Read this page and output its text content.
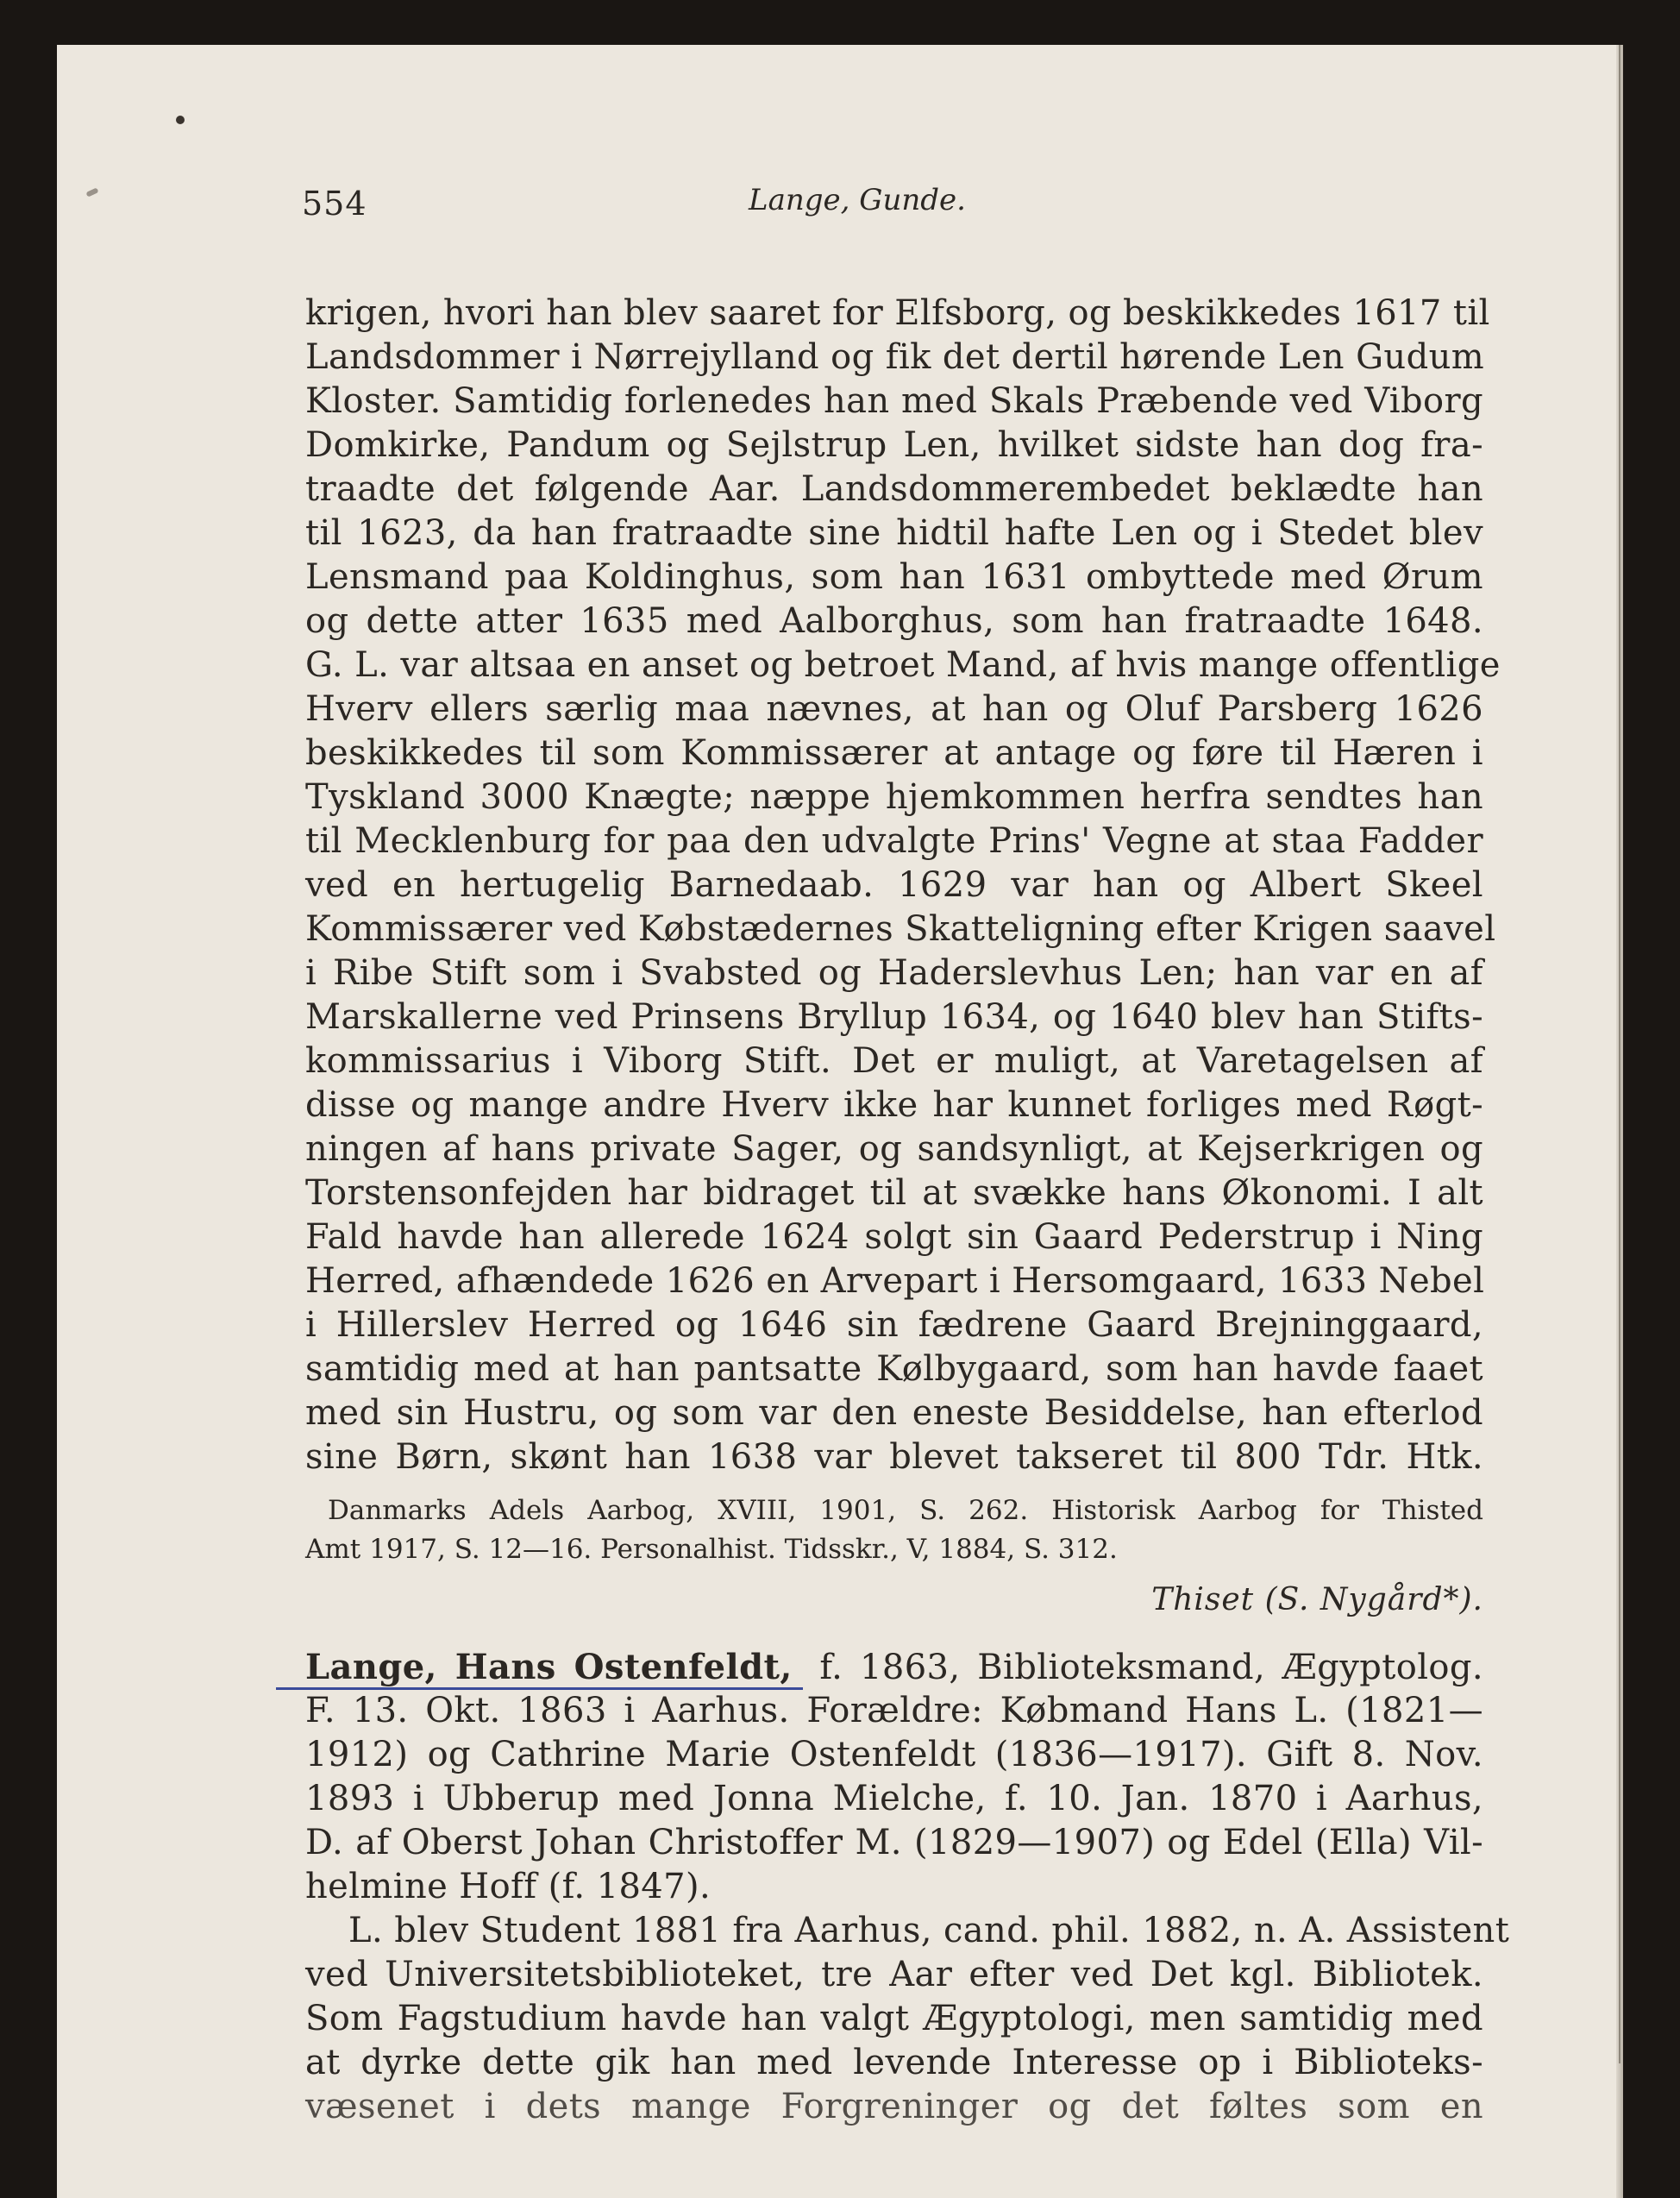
554	Lange, Gunde.
krigen, hvori han blev saaret for Elfsborg, og beskikkedes 1617 til
Landsdommer i Nørrejylland og fik det dertil hørende Len Gudum
Kloster. Samtidig forlenedes han med Skals Præbende ved Viborg
Domkirke, Pandum og Sejlstrup Len, hvilket sidste han dog fra-
traadte det følgende Aar. Landsdommerembedet beklædte han
til 1623, da han fratraadte sine hidtil hafte Len og i Stedet blev
Lensmand paa Koldinghus, som han 1631 ombyttede med Ørum
og dette atter 1635 med Aalborghus, som han fratraadte 1648.
G. L. var altsaa en anset og betroet Mand, af hvis mange offentlige
Hverv ellers særlig maa nævnes, at han og Oluf Parsberg 1626
beskikkedes til som Kommissærer at antage og føre til Hæren i
Tyskland 3000 Knægte; næppe hjemkommen herfra sendtes han
til Mecklenburg for paa den udvalgte Prins' Vegne at staa Fadder
ved en hertugelig Barnedaab. 1629 var han og Albert Skeel
Kommissærer ved Købstædernes Skatteligning efter Krigen saavel
i Ribe Stift som i Svabsted og Haderslevhus Len; han var en af
Marskallerne ved Prinsens Bryllup 1634, og 1640 blev han Stifts-
kommissarius i Viborg Stift. Det er muligt, at Varetagelsen af
disse og mange andre Hverv ikke har kunnet forliges med Røgt-
ningen af hans private Sager, og sandsynligt, at Kejserkrigen og
Torstensonfejden har bidraget til at svække hans Økonomi. I alt
Fald havde han allerede 1624 solgt sin Gaard Pederstrup i Ning
Herred, afhændede 1626 en Arvepart i Hersomgaard, 1633 Nebel
i Hillerslev Herred og 1646 sin fædrene Gaard Brejninggaard,
samtidig med at han pantsatte Kølbygaard, som han havde faaet
med sin Hustru, og som var den eneste Besiddelse, han efterlod
sine Børn, skønt han 1638 var blevet takseret til 800 Tdr. Htk.
Danmarks Adels Aarbog, XVIII, 1901, S. 262. Historisk Aarbog for Thisted
Amt 1917, S. 12—16. Personalhist. Tidsskr., V, 1884, S. 312.
Thiset (S. Nygård*).
Lange, Hans Ostenfeldt, f. 1863, Biblioteksmand, Ægyptolog.
F. 13. Okt. 1863 i Aarhus. Forældre: Købmand Hans L. (1821—
1912) og Cathrine Marie Ostenfeldt (1836—1917). Gift 8. Nov.
1893 i Ubberup med Jonna Mielche, f. 10. Jan. 1870 i Aarhus,
D. af Oberst Johan Christoffer M. (1829—1907) og Edel (Ella) Vil-
helmine Hoff (f. 1847).
L. blev Student 1881 fra Aarhus, cand. phil. 1882, n. A. Assistent
ved Universitetsbiblioteket, tre Aar efter ved Det kgl. Bibliotek.
Som Fagstudium havde han valgt Ægyptologi, men samtidig med
at dyrke dette gik han med levende Interesse op i Biblioteks-
væsenet i dets mange Forgreninger og det føltes som en
